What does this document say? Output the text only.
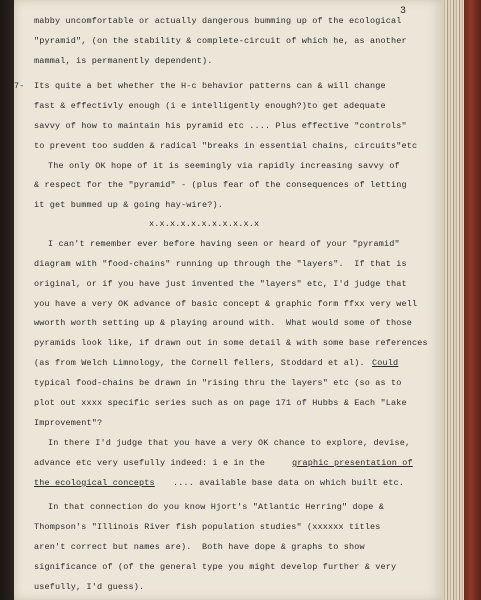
3
mabby uncomfortable or actually dangerous bumming up of the ecological
"pyramid", (on the stability & complete-circuit of which he, as another
mammal, is permanently dependent).
7- Its quite a bet whether the H-c behavior patterns can & will change
fast & effectivly enough (i e intelligently enough?)to get adequate
savvy of how to maintain his pyramid etc .... Plus effective "controls"
to prevent too sudden & radical "breaks in essential chains, circuits"etc
The only OK hope of it is seemingly via rapidly increasing savvy of
& respect for the "pyramid" - (plus fear of the consequences of letting
it get bummed up & going hay-wire?).
x.x.x.x.x.x.x.x.x.x.x
I can't remember ever before having seen or heard of your "pyramid"
diagram with "food-chains" running up through the "layers".  If that is
original, or if you have just invented the "layers" etc, I'd judge that
you have a very OK advance of basic concept & graphic form ffxx very well
wworth worth setting up & playing around with.  What would some of those
pyramids look like, if drawn out in some detail & with some base references
(as from Welch Limnology, the Cornell fellers, Stoddard et al). Could
typical food-chains be drawn in "rising thru the layers" etc (so as to
plot out xxxx specific series such as on page 171 of Hubbs & Each "Lake
Improvement"?
In there I'd judge that you have a very OK chance to explore, devise,
advance etc very usefully indeed: i e in the	graphic presentation of
the ecological concepts .... available base data on which built etc.
In that connection do you know Hjort's "Atlantic Herring" dope &
Thompson's "Illinois River fish population studies" (xxxxxx titles
aren't correct but names are).  Both have dope & graphs to show
significance of (of the general type you might develop further & very
usefully, I'd guess).
